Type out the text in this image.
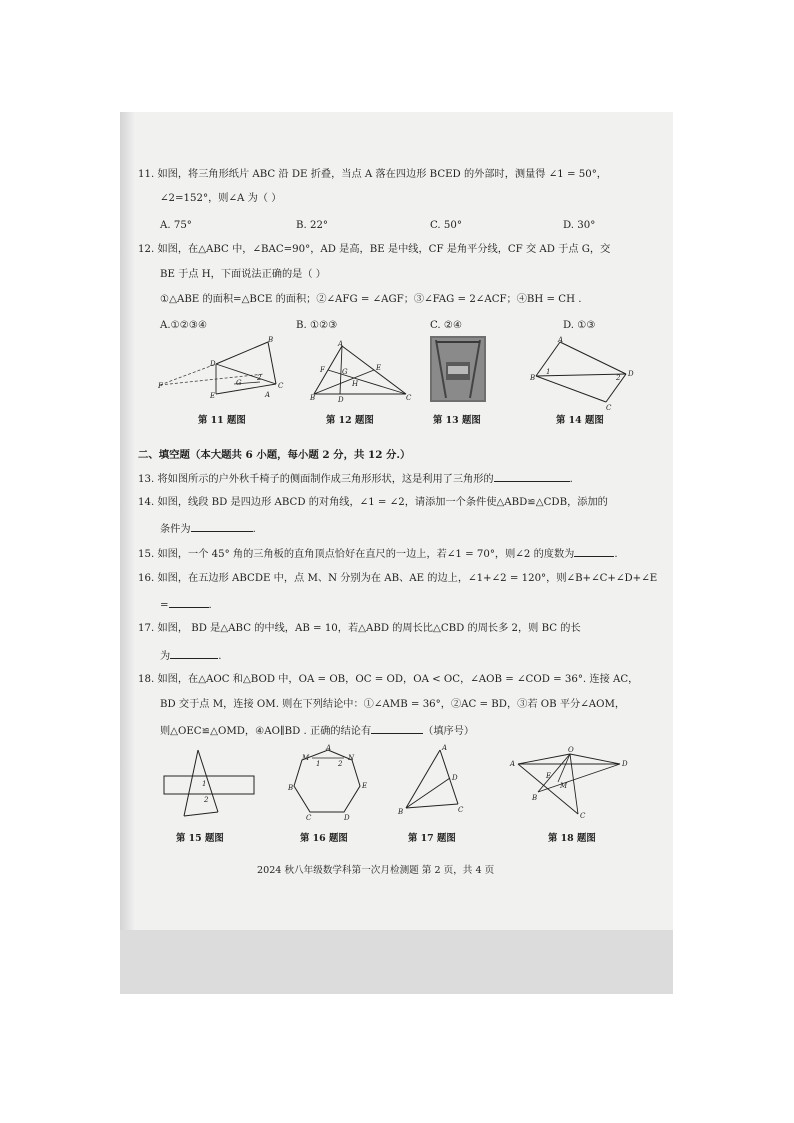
11. 如图，将三角形纸片 ABC 沿 DE 折叠，当点 A 落在四边形 BCED 的外部时，测量得 ∠1 = 50°，
∠2=152°，则∠A 为（ ）
A. 75°	B. 22°	C. 50°	D. 30°
12. 如图，在△ABC 中，∠BAC=90°，AD 是高，BE 是中线，CF 是角平分线，CF 交 AD 于点 G，交
BE 于点 H，下面说法正确的是（ ）
①△ABE 的面积=△BCE 的面积；②∠AFG = ∠AGF；③∠FAG = 2∠ACF；④BH = CH .
A.①②③④	B. ①②③	C. ②④	D. ①③
D
B
F	G
2
C
E	A
第 11 题图
A
F G	E
H
B	D	C
第 12 题图	第 13 题图
A
B
1
2 D
C
第 14 题图
二、填空题（本大题共 6 小题，每小题 2 分，共 12 分.）
13. 将如图所示的户外秋千椅子的侧面制作成三角形形状，这是利用了三角形的	.
14. 如图，线段 BD 是四边形 ABCD 的对角线，∠1 = ∠2，请添加一个条件使△ABD≌△CDB，添加的
条件为	.
15. 如图，一个 45° 角的三角板的直角顶点恰好在直尺的一边上，若∠1 = 70°，则∠2 的度数为	.
16. 如图，在五边形 ABCDE 中，点 M、N 分别为在 AB、AE 的边上，∠1+∠2 = 120°，则∠B+∠C+∠D+∠E
=	.
17. 如图， BD 是△ABC 的中线，AB = 10，若△ABD 的周长比△CBD 的周长多 2，则 BC 的长
为	.
18. 如图，在△AOC 和△BOD 中，OA = OB，OC = OD，OA < OC，∠AOB = ∠COD = 36°. 连接 AC，
BD 交于点 M，连接 OM. 则在下列结论中：①∠AMB = 36°，②AC = BD，③若 OB 平分∠AOM，
则△OEC≌△OMD，④AO∥BD . 正确的结论有	（填序号）
1
2
第 15 题图
A
M	N
1	2
B	E
C	D
第 16 题图
A
D
B	C
第 17 题图
O
A	D
E
M
B
C
第 18 题图
2024 秋八年级数学科第一次月检测题 第 2 页，共 4 页
